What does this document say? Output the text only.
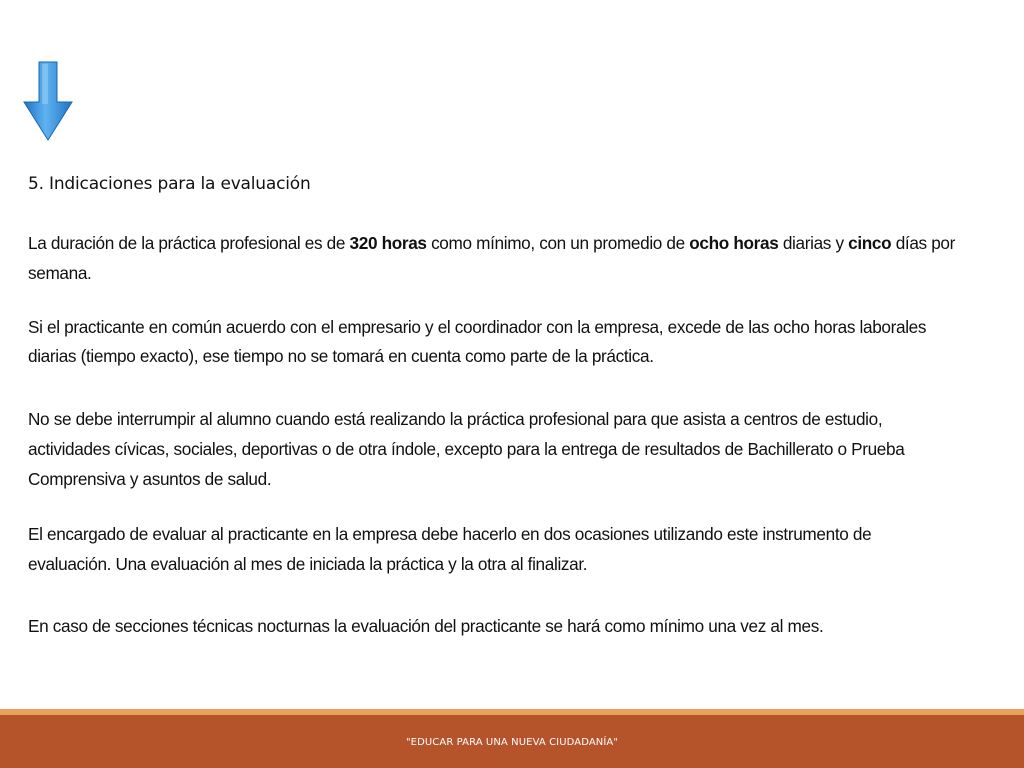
5. Indicaciones para la evaluación

La duración de la práctica profesional es de 320 horas como mínimo, con un promedio de ocho horas diarias y cinco días por semana.

Si el practicante en común acuerdo con el empresario y el coordinador con la empresa, excede de las ocho horas laborales diarias (tiempo exacto), ese tiempo no se tomará en cuenta como parte de la práctica.

No se debe interrumpir al alumno cuando está realizando la práctica profesional para que asista a centros de estudio, actividades cívicas, sociales, deportivas o de otra índole, excepto para la entrega de resultados de Bachillerato o Prueba Comprensiva y asuntos de salud.

El encargado de evaluar al practicante en la empresa debe hacerlo en dos ocasiones utilizando este instrumento de evaluación. Una evaluación al mes de iniciada la práctica y la otra al finalizar.

En caso de secciones técnicas nocturnas la evaluación del practicante se hará como mínimo una vez al mes.

"EDUCAR PARA UNA NUEVA CIUDADANÍA"
